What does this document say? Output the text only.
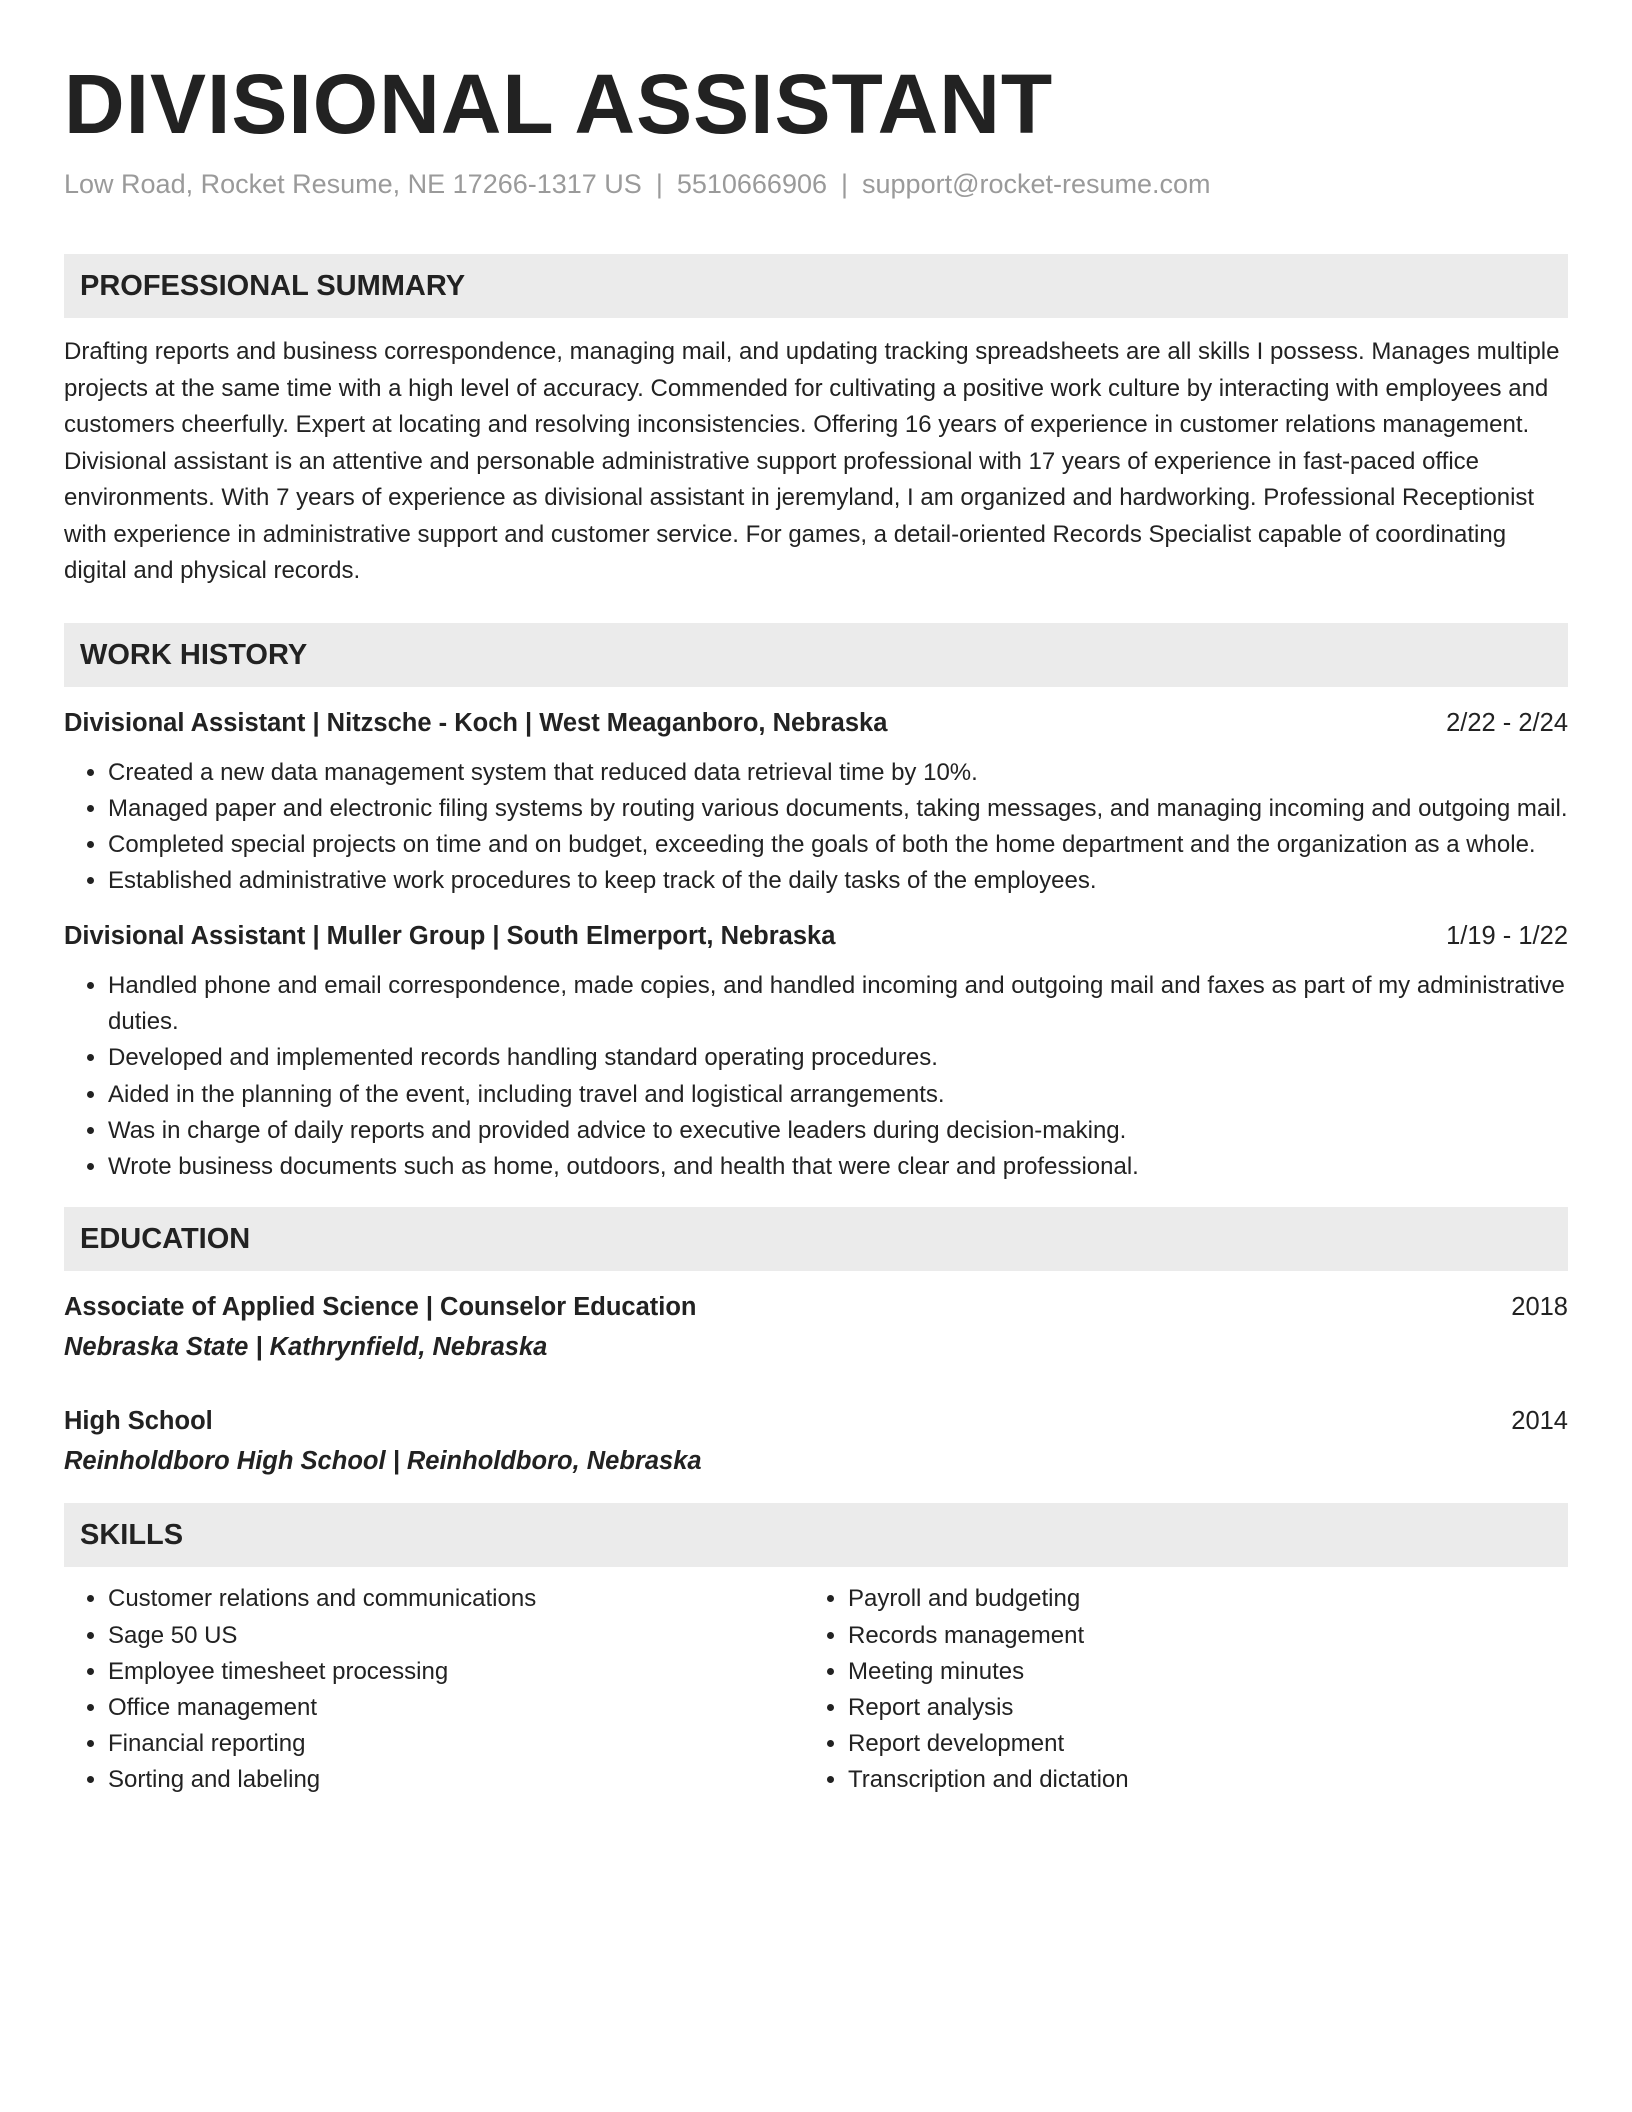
DIVISIONAL ASSISTANT
Low Road, Rocket Resume, NE 17266-1317 US | 5510666906 | support@rocket-resume.com
PROFESSIONAL SUMMARY
Drafting reports and business correspondence, managing mail, and updating tracking spreadsheets are all skills I possess. Manages multiple projects at the same time with a high level of accuracy. Commended for cultivating a positive work culture by interacting with employees and customers cheerfully. Expert at locating and resolving inconsistencies. Offering 16 years of experience in customer relations management. Divisional assistant is an attentive and personable administrative support professional with 17 years of experience in fast-paced office environments. With 7 years of experience as divisional assistant in jeremyland, I am organized and hardworking. Professional Receptionist with experience in administrative support and customer service. For games, a detail-oriented Records Specialist capable of coordinating digital and physical records.
WORK HISTORY
Divisional Assistant | Nitzsche - Koch | West Meaganboro, Nebraska	2/22 - 2/24
• Created a new data management system that reduced data retrieval time by 10%.
• Managed paper and electronic filing systems by routing various documents, taking messages, and managing incoming and outgoing mail.
• Completed special projects on time and on budget, exceeding the goals of both the home department and the organization as a whole.
• Established administrative work procedures to keep track of the daily tasks of the employees.
Divisional Assistant | Muller Group | South Elmerport, Nebraska	1/19 - 1/22
• Handled phone and email correspondence, made copies, and handled incoming and outgoing mail and faxes as part of my administrative duties.
• Developed and implemented records handling standard operating procedures.
• Aided in the planning of the event, including travel and logistical arrangements.
• Was in charge of daily reports and provided advice to executive leaders during decision-making.
• Wrote business documents such as home, outdoors, and health that were clear and professional.
EDUCATION
Associate of Applied Science | Counselor Education	2018
Nebraska State | Kathrynfield, Nebraska
High School	2014
Reinholdboro High School | Reinholdboro, Nebraska
SKILLS
• Customer relations and communications
• Sage 50 US
• Employee timesheet processing
• Office management
• Financial reporting
• Sorting and labeling
• Payroll and budgeting
• Records management
• Meeting minutes
• Report analysis
• Report development
• Transcription and dictation
